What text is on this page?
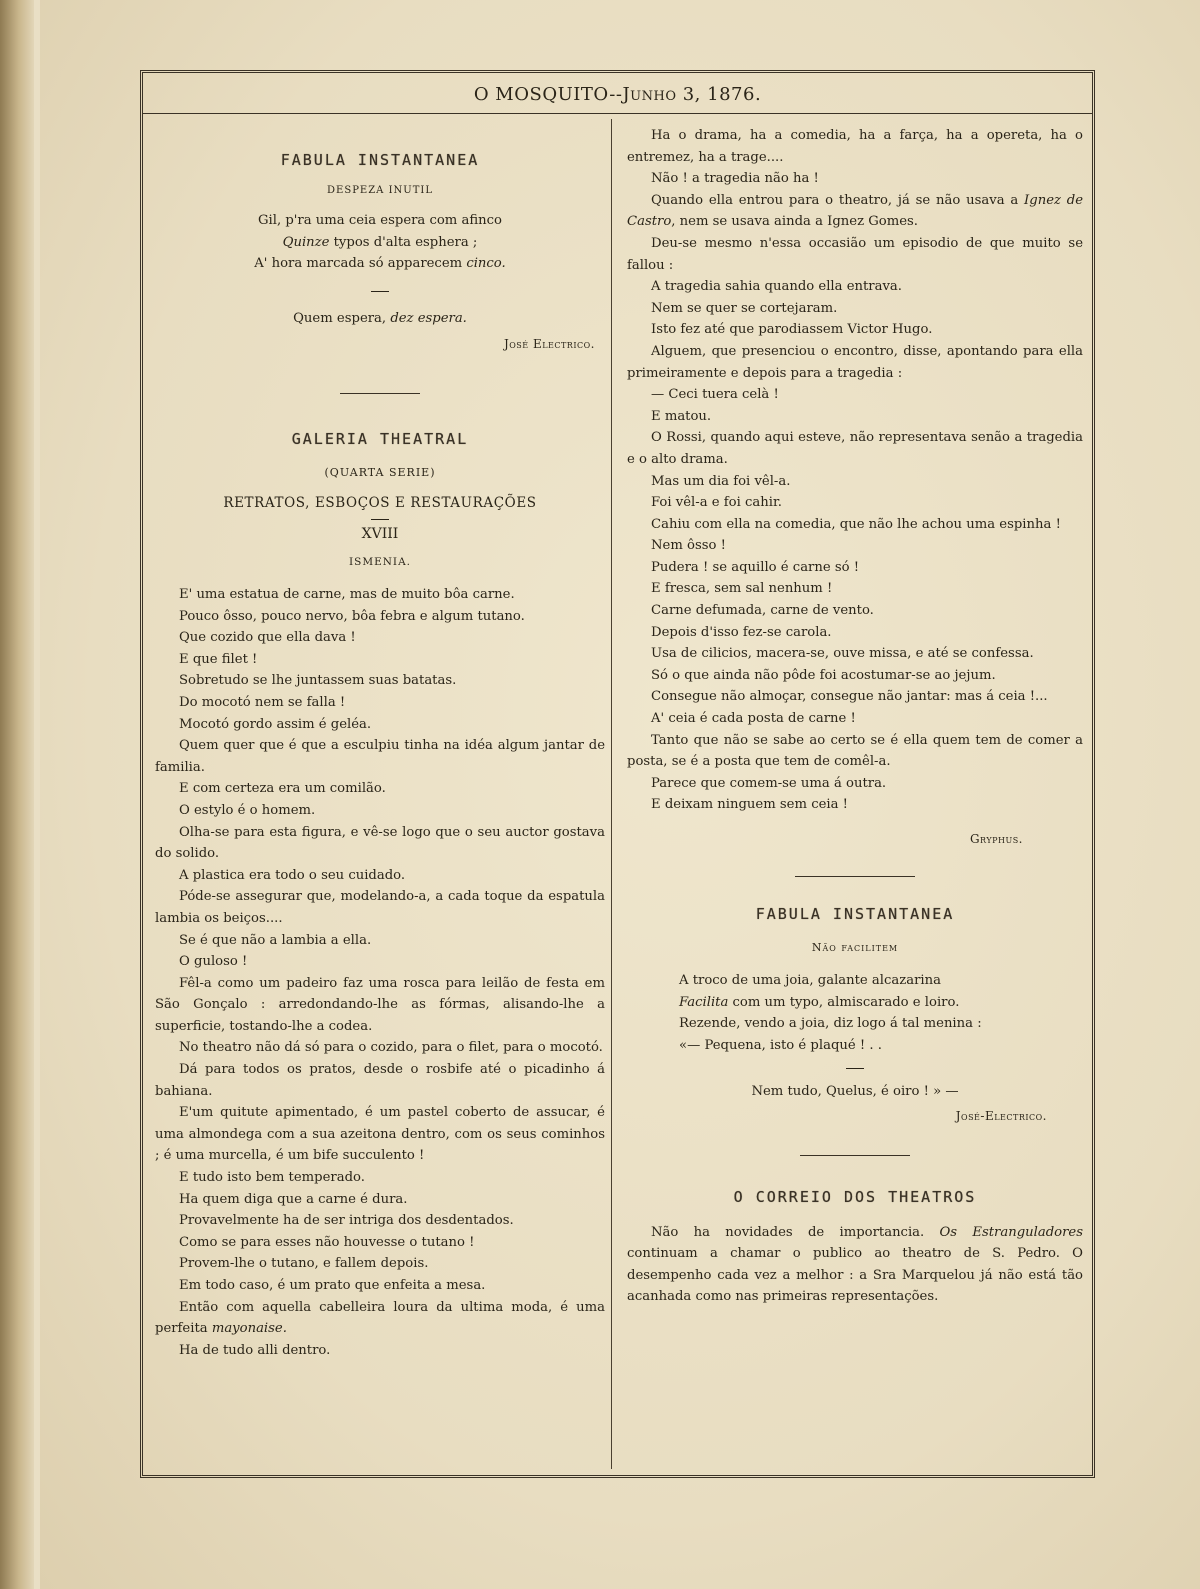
O MOSQUITO--Junho 3, 1876.
FABULA INSTANTANEA
DESPEZA INUTIL

Gil, p'ra uma ceia espera com afinco

Quinze typos d'alta esphera ;

A' hora marcada só apparecem cinco.

Quem espera, dez espera.

José Electrico.
GALERIA THEATRAL
(QUARTA SERIE)
RETRATOS, ESBOÇOS E RESTAURAÇÕES
XVIII
ISMENIA.

E' uma estatua de carne, mas de muito bôa carne.

Pouco ôsso, pouco nervo, bôa febra e algum tutano.

Que cozido que ella dava !

E que filet !

Sobretudo se lhe juntassem suas batatas.

Do mocotó nem se falla !

Mocotó gordo assim é geléa.

Quem quer que é que a esculpiu tinha na idéa algum jantar de familia.

E com certeza era um comilão.

O estylo é o homem.

Olha-se para esta figura, e vê-se logo que o seu auctor gostava do solido.

A plastica era todo o seu cuidado.

Póde-se assegurar que, modelando-a, a cada toque da espatula lambia os beiços....

Se é que não a lambia a ella.

O guloso !

Fêl-a como um padeiro faz uma rosca para leilão de festa em São Gonçalo : arredondando-lhe as fórmas, alisando-lhe a superficie, tostando-lhe a codea.

No theatro não dá só para o cozido, para o filet, para o mocotó.

Dá para todos os pratos, desde o rosbife até o picadinho á bahiana.

E'um quitute apimentado, é um pastel coberto de assucar, é uma almondega com a sua azeitona dentro, com os seus cominhos ; é uma murcella, é um bife succulento !

E tudo isto bem temperado.

Ha quem diga que a carne é dura.

Provavelmente ha de ser intriga dos desdentados.

Como se para esses não houvesse o tutano !

Provem-lhe o tutano, e fallem depois.

Em todo caso, é um prato que enfeita a mesa.

Então com aquella cabelleira loura da ultima moda, é uma perfeita mayonaise.

Ha de tudo alli dentro.

Ha o drama, ha a comedia, ha a farça, ha a opereta, ha o entremez, ha a trage....

Não ! a tragedia não ha !

Quando ella entrou para o theatro, já se não usava a Ignez de Castro, nem se usava ainda a Ignez Gomes.

Deu-se mesmo n'essa occasião um episodio de que muito se fallou :

A tragedia sahia quando ella entrava.

Nem se quer se cortejaram.

Isto fez até que parodiassem Victor Hugo.

Alguem, que presenciou o encontro, disse, apontando para ella primeiramente e depois para a tragedia :

— Ceci tuera celà !

E matou.

O Rossi, quando aqui esteve, não representava senão a tragedia e o alto drama.

Mas um dia foi vêl-a.

Foi vêl-a e foi cahir.

Cahiu com ella na comedia, que não lhe achou uma espinha !

Nem ôsso !

Pudera ! se aquillo é carne só !

E fresca, sem sal nenhum !

Carne defumada, carne de vento.

Depois d'isso fez-se carola.

Usa de cilicios, macera-se, ouve missa, e até se confessa.

Só o que ainda não pôde foi acostumar-se ao jejum.

Consegue não almoçar, consegue não jantar: mas á ceia !...

A' ceia é cada posta de carne !

Tanto que não se sabe ao certo se é ella quem tem de comer a posta, se é a posta que tem de comêl-a.

Parece que comem-se uma á outra.

E deixam ninguem sem ceia !

Gryphus.
FABULA INSTANTANEA
Não facilitem

A troco de uma joia, galante alcazarina

Facilita com um typo, almiscarado e loiro.

Rezende, vendo a joia, diz logo á tal menina :

«— Pequena, isto é plaqué ! . .

Nem tudo, Quelus, é oiro ! » —

José-Electrico.
O CORREIO DOS THEATROS

Não ha novidades de importancia. Os Estranguladores continuam a chamar o publico ao theatro de S. Pedro. O desempenho cada vez a melhor : a Sra Marquelou já não está tão acanhada como nas primeiras representações.
